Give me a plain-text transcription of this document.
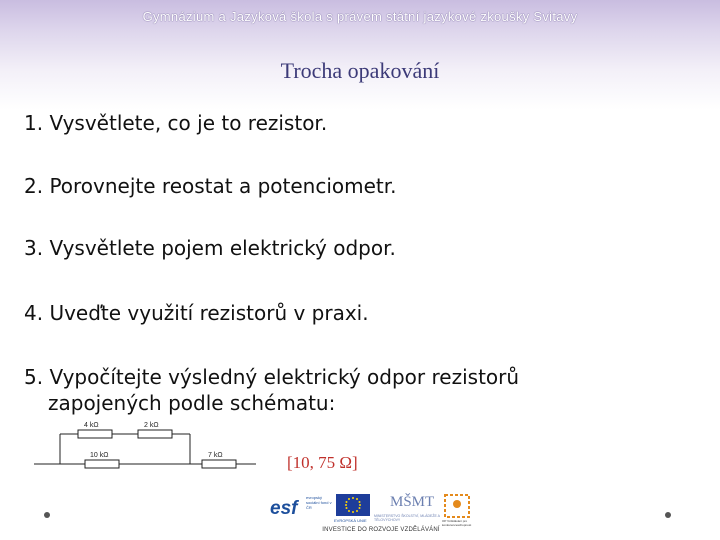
Gymnázium a Jazyková škola s právem státní jazykové zkoušky Svitavy
Trocha opakování
1. Vysvětlete, co je to rezistor.
2. Porovnejte reostat a potenciometr.
3. Vysvětlete pojem elektrický odpor.
4. Uveďte využití rezistorů v praxi.
5. Vypočítejte výsledný elektrický odpor rezistorů
zapojených podle schématu:
4 kΩ	2 kΩ
10 kΩ	7 kΩ	[10, 75 Ω]
esf
evropský sociální fond v ČR
EVROPSKÁ UNIE
MŠMT
MINISTERSTVO ŠKOLSTVÍ, MLÁDEŽE A TĚLOVÝCHOVY	OP Vzdělávání pro konkurenceschopnost
INVESTICE DO ROZVOJE VZDĚLÁVÁNÍ
